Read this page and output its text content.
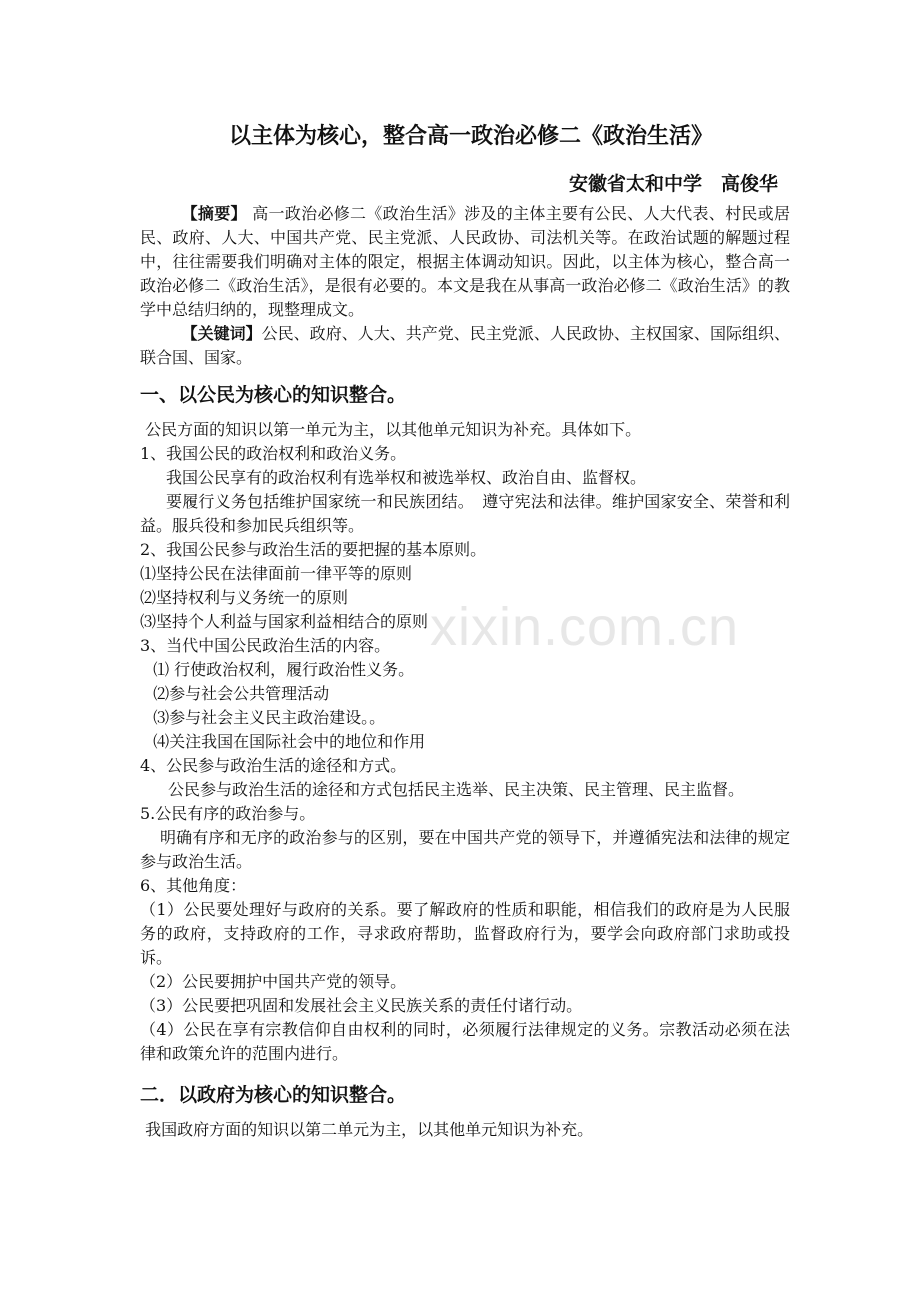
xixin.com.cn
以主体为核心，整合高一政治必修二《政治生活》
安徽省太和中学　高俊华

【摘要】 高一政治必修二《政治生活》涉及的主体主要有公民、人大代表、村民或居民、政府、人大、中国共产党、民主党派、人民政协、司法机关等。在政治试题的解题过程中，往往需要我们明确对主体的限定，根据主体调动知识。因此，以主体为核心，整合高一政治必修二《政治生活》，是很有必要的。本文是我在从事高一政治必修二《政治生活》的教学中总结归纳的，现整理成文。

【关键词】公民、政府、人大、共产党、民主党派、人民政协、主权国家、国际组织、联合国、国家。

一、以公民为核心的知识整合。

公民方面的知识以第一单元为主，以其他单元知识为补充。具体如下。

1、我国公民的政治权利和政治义务。

我国公民享有的政治权利有选举权和被选举权、政治自由、监督权。

要履行义务包括维护国家统一和民族团结。　遵守宪法和法律。维护国家安全、荣誉和利益。服兵役和参加民兵组织等。

2、我国公民参与政治生活的要把握的基本原则。

⑴坚持公民在法律面前一律平等的原则

⑵坚持权利与义务统一的原则

⑶坚持个人利益与国家利益相结合的原则

3、当代中国公民政治生活的内容。

⑴ 行使政治权利，履行政治性义务。

⑵参与社会公共管理活动

⑶参与社会主义民主政治建设。。

⑷关注我国在国际社会中的地位和作用

4、公民参与政治生活的途径和方式。

公民参与政治生活的途径和方式包括民主选举、民主决策、民主管理、民主监督。

5.公民有序的政治参与。

明确有序和无序的政治参与的区别，要在中国共产党的领导下，并遵循宪法和法律的规定参与政治生活。

6、其他角度：

（1）公民要处理好与政府的关系。要了解政府的性质和职能，相信我们的政府是为人民服务的政府，支持政府的工作，寻求政府帮助，监督政府行为，要学会向政府部门求助或投诉。

（2）公民要拥护中国共产党的领导。

（3）公民要把巩固和发展社会主义民族关系的责任付诸行动。

（4）公民在享有宗教信仰自由权利的同时，必须履行法律规定的义务。宗教活动必须在法律和政策允许的范围内进行。

二．以政府为核心的知识整合。

我国政府方面的知识以第二单元为主，以其他单元知识为补充。
